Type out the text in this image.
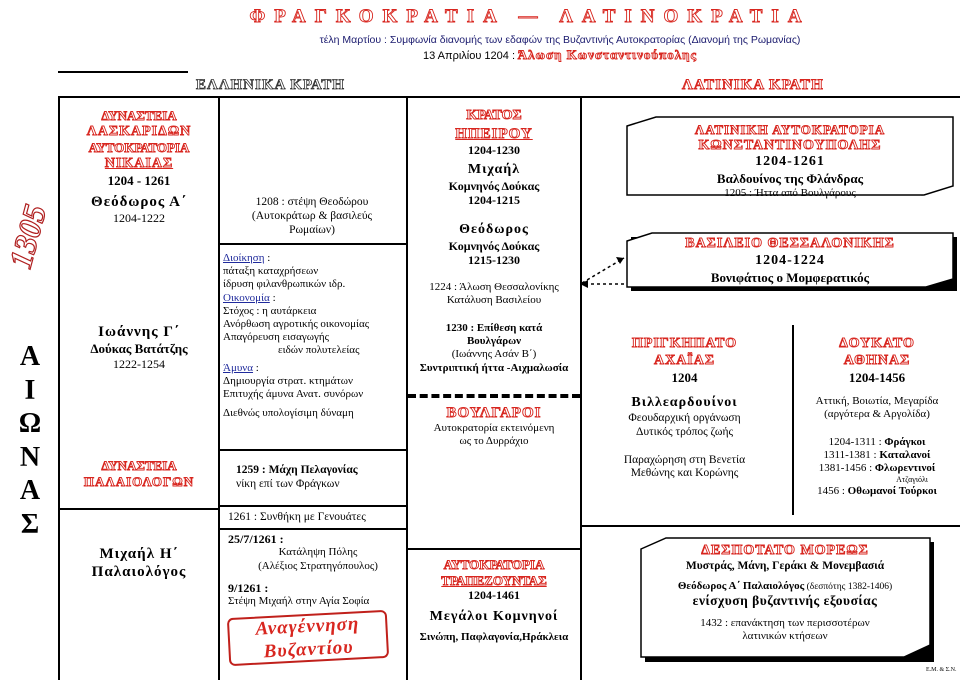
ΦΡΑΓΚΟΚΡΑΤΙΑ — ΛΑΤΙΝΟΚΡΑΤΙΑ
τέλη Μαρτίου : Συμφωνία διανομής των εδαφών της Βυζαντινής Αυτοκρατορίας (Διανομή της Ρωμανίας)
13 Απριλίου 1204 : Άλωση Κωνσταντινούπολης
ΕΛΛΗΝΙΚΑ ΚΡΑΤΗ	ΛΑΤΙΝΙΚΑ ΚΡΑΤΗ
1305
Α
Ι
Ω
Ν
Α
Σ
ΔΥΝΑΣΤΕΙΑ
ΛΑΣΚΑΡΙΔΩΝ
ΑΥΤΟΚΡΑΤΟΡΙΑ
ΝΙΚΑΙΑΣ
1204 - 1261
Θεόδωρος Α΄
1204-1222
Ιωάννης Γ΄
Δούκας Βατάτζης
1222-1254
ΔΥΝΑΣΤΕΙΑ
ΠΑΛΑΙΟΛΟΓΩΝ
Μιχαήλ Η΄
Παλαιολόγος
1208 : στέψη Θεοδώρου
(Αυτοκράτωρ & βασιλεύς
Ρωμαίων)
Διοίκηση :
πάταξη καταχρήσεων
ίδρυση φιλανθρωπικών ιδρ.
Οικονομία :
Στόχος : η αυτάρκεια
Ανόρθωση αγροτικής οικονομίας
Απαγόρευση εισαγωγής
ειδών πολυτελείας
Άμυνα :
Δημιουργία στρατ. κτημάτων
Επιτυχής άμυνα Ανατ. συνόρων
Διεθνώς υπολογίσιμη δύναμη
1259 : Μάχη Πελαγονίας
νίκη επί των Φράγκων
1261 : Συνθήκη με Γενουάτες
25/7/1261 :
Κατάληψη Πόλης
(Αλέξιος Στρατηγόπουλος)
9/1261 :
Στέψη Μιχαήλ στην Αγία Σοφία
Αναγέννηση
Βυζαντίου
ΚΡΑΤΟΣ
ΗΠΕΙΡΟΥ
1204-1230
Μιχαήλ
Κομνηνός Δούκας
1204-1215
Θεόδωρος
Κομνηνός Δούκας
1215-1230
1224 : Άλωση Θεσσαλονίκης
Κατάλυση Βασιλείου
1230 : Επίθεση κατά
Βουλγάρων
(Ιωάννης Ασάν Β΄)
Συντριπτική ήττα -Αιχμαλωσία
ΒΟΥΛΓΑΡΟΙ
Αυτοκρατορία εκτεινόμενη
ως το Δυρράχιο
ΑΥΤΟΚΡΑΤΟΡΙΑ
ΤΡΑΠΕΖΟΥΝΤΑΣ
1204-1461
Μεγάλοι Κομνηνοί
Σινώπη, Παφλαγονία,Ηράκλεια
ΛΑΤΙΝΙΚΗ ΑΥΤΟΚΡΑΤΟΡΙΑ
ΚΩΝΣΤΑΝΤΙΝΟΥΠΟΛΗΣ
1204-1261
Βαλδουίνος της Φλάνδρας
1205 : Ήττα από Βουλγάρους
ΒΑΣΙΛΕΙΟ ΘΕΣΣΑΛΟΝΙΚΗΣ
1204-1224
Βονιφάτιος ο Μομφερατικός
ΠΡΙΓΚΗΠΑΤΟ
ΑΧΑΪΑΣ
1204
Βιλλεαρδουίνοι
Φεουδαρχική οργάνωση
Δυτικός τρόπος ζωής
Παραχώρηση στη Βενετία
Μεθώνης και Κορώνης
ΔΟΥΚΑΤΟ
ΑΘΗΝΑΣ
1204-1456
Αττική, Βοιωτία, Μεγαρίδα
(αργότερα & Αργολίδα)
1204-1311 : Φράγκοι
1311-1381 : Καταλανοί
1381-1456 : Φλωρεντινοί
Ατζαγιόλι
1456 : Οθωμανοί Τούρκοι
ΔΕΣΠΟΤΑΤΟ ΜΟΡΕΩΣ
Μυστράς, Μάνη, Γεράκι & Μονεμβασιά
Θεόδωρος Α΄ Παλαιολόγος (δεσπότης 1382-1406)
ενίσχυση βυζαντινής εξουσίας
1432 : επανάκτηση των περισσοτέρων
λατινικών κτήσεων
Ε.Μ. & Σ.Ν.
